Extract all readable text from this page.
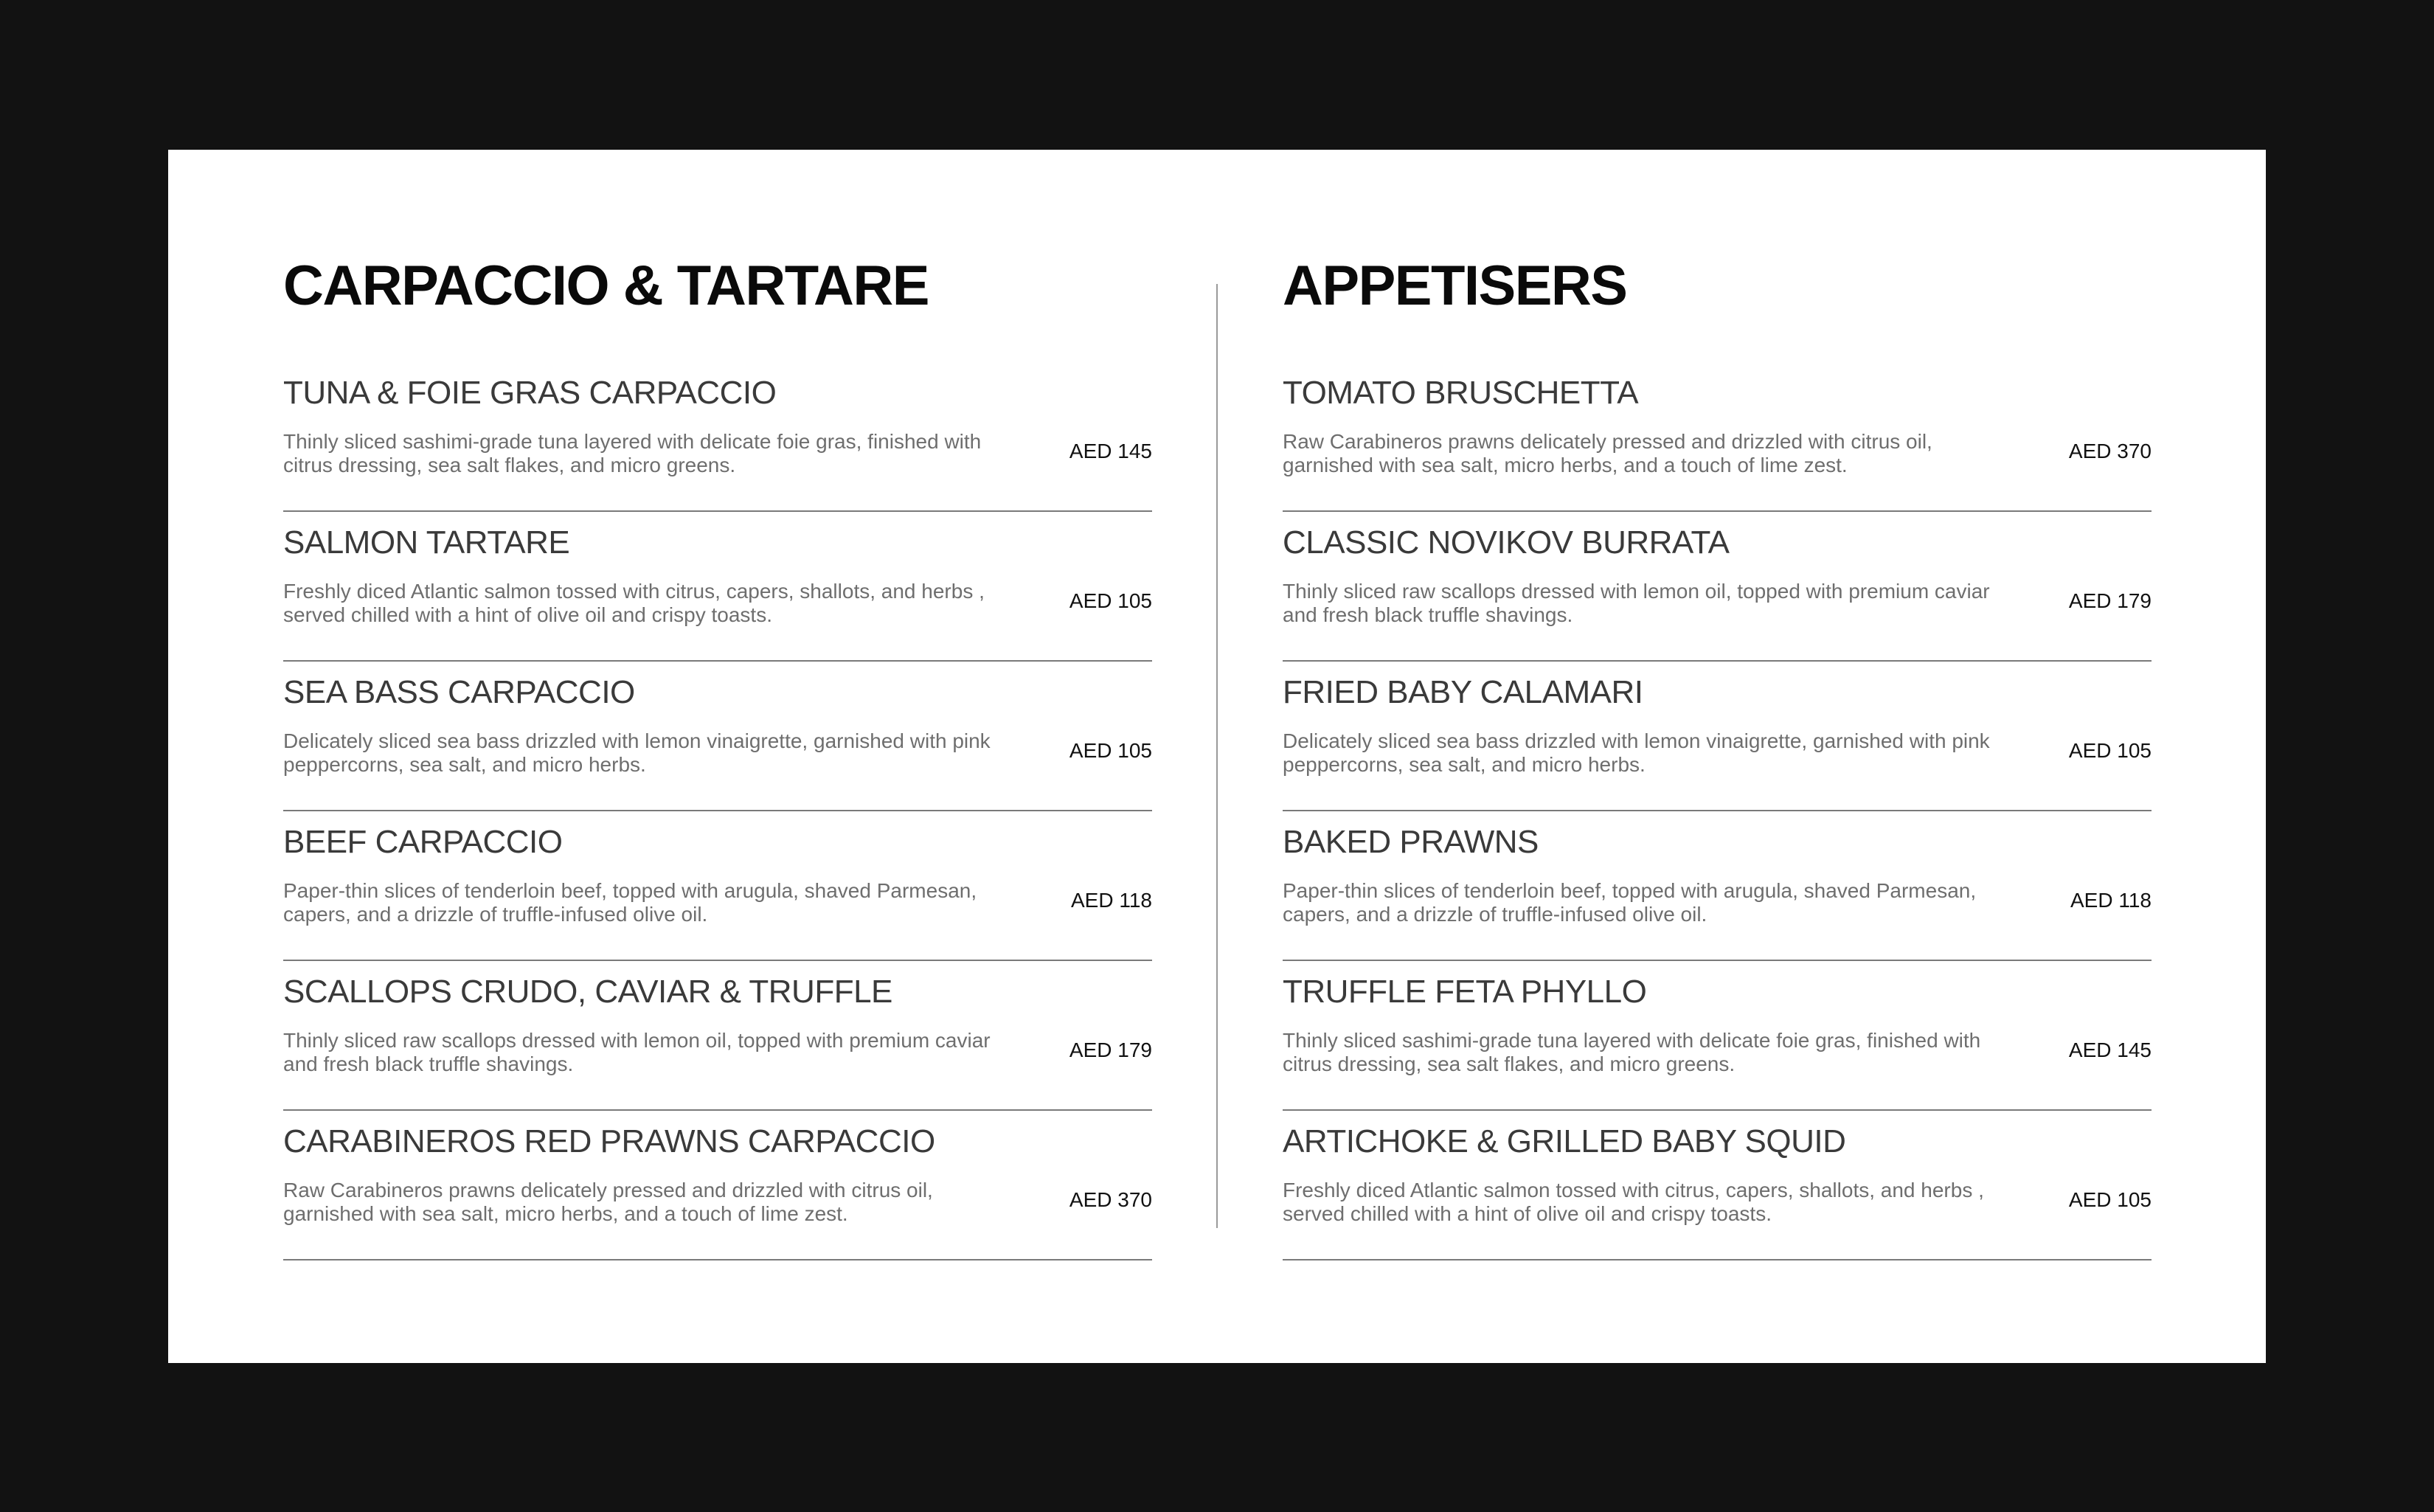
CARPACCIO & TARTARE
TUNA & FOIE GRAS CARPACCIO
Thinly sliced sashimi-grade tuna layered with delicate foie gras, finished with citrus dressing, sea salt flakes, and micro greens.
AED 145
SALMON TARTARE
Freshly diced Atlantic salmon tossed with citrus, capers, shallots, and herbs , served chilled with a hint of olive oil and crispy toasts.
AED 105
SEA BASS CARPACCIO
Delicately sliced sea bass drizzled with lemon vinaigrette, garnished with pink peppercorns, sea salt, and micro herbs.
AED 105
BEEF CARPACCIO
Paper-thin slices of tenderloin beef, topped with arugula, shaved Parmesan, capers, and a drizzle of truffle-infused olive oil.
AED 118
SCALLOPS CRUDO, CAVIAR & TRUFFLE
Thinly sliced raw scallops dressed with lemon oil, topped with premium caviar and fresh black truffle shavings.
AED 179
CARABINEROS RED PRAWNS CARPACCIO
Raw Carabineros prawns delicately pressed and drizzled with citrus oil, garnished with sea salt, micro herbs, and a touch of lime zest.
AED 370
APPETISERS
TOMATO BRUSCHETTA
Raw Carabineros prawns delicately pressed and drizzled with citrus oil, garnished with sea salt, micro herbs, and a touch of lime zest.
AED 370
CLASSIC NOVIKOV BURRATA
Thinly sliced raw scallops dressed with lemon oil, topped with premium caviar and fresh black truffle shavings.
AED 179
FRIED BABY CALAMARI
Delicately sliced sea bass drizzled with lemon vinaigrette, garnished with pink peppercorns, sea salt, and micro herbs.
AED 105
BAKED PRAWNS
Paper-thin slices of tenderloin beef, topped with arugula, shaved Parmesan, capers, and a drizzle of truffle-infused olive oil.
AED 118
TRUFFLE FETA PHYLLO
Thinly sliced sashimi-grade tuna layered with delicate foie gras, finished with citrus dressing, sea salt flakes, and micro greens.
AED 145
ARTICHOKE & GRILLED BABY SQUID
Freshly diced Atlantic salmon tossed with citrus, capers, shallots, and herbs , served chilled with a hint of olive oil and crispy toasts.
AED 105
